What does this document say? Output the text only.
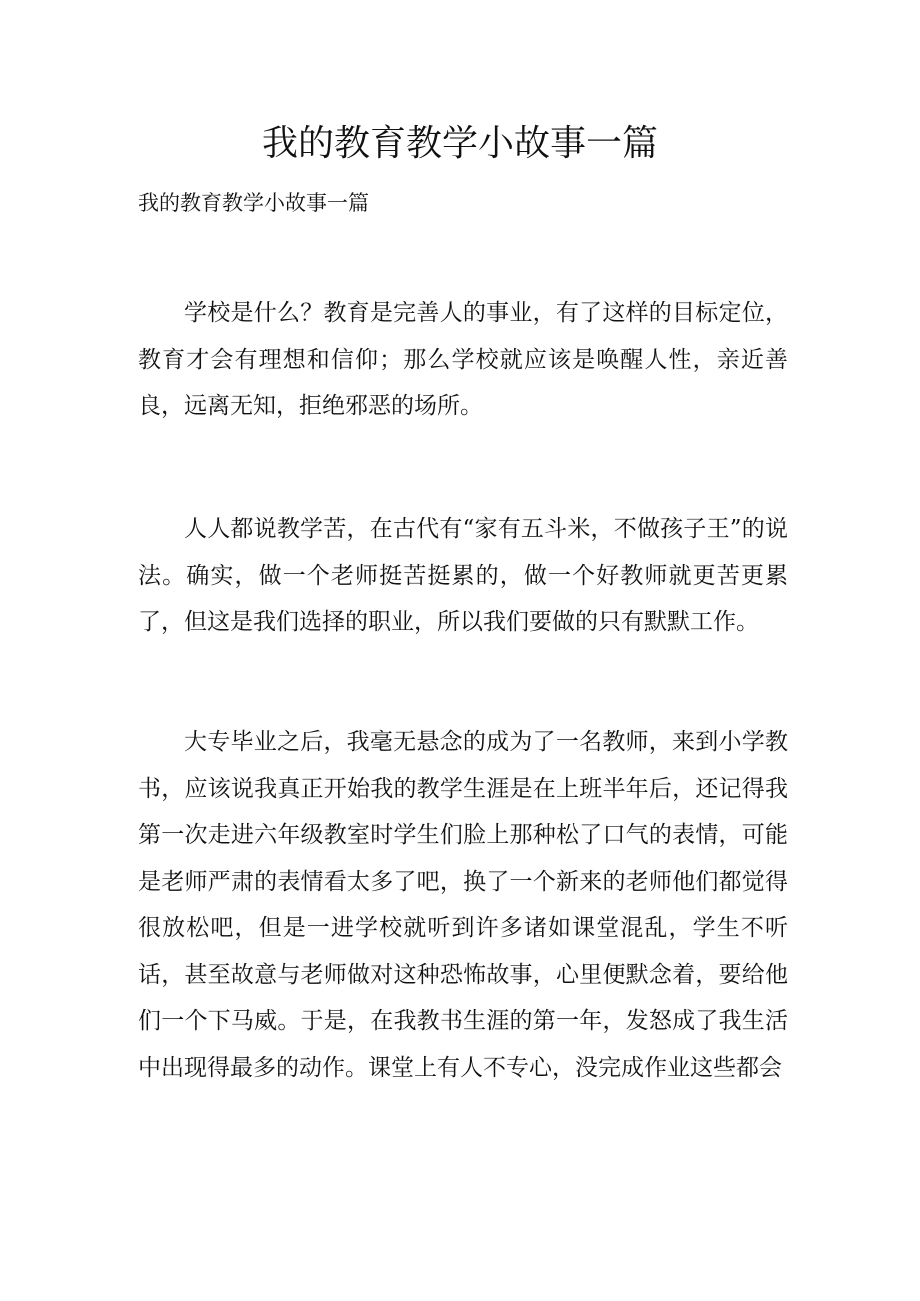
我的教育教学小故事一篇

我的教育教学小故事一篇

学校是什么？教育是完善人的事业，有了这样的目标定位，教育才会有理想和信仰；那么学校就应该是唤醒人性，亲近善良，远离无知，拒绝邪恶的场所。

人人都说教学苦，在古代有“家有五斗米，不做孩子王”的说法。确实，做一个老师挺苦挺累的，做一个好教师就更苦更累了，但这是我们选择的职业，所以我们要做的只有默默工作。

大专毕业之后，我毫无悬念的成为了一名教师，来到小学教书，应该说我真正开始我的教学生涯是在上班半年后，还记得我第一次走进六年级教室时学生们脸上那种松了口气的表情，可能是老师严肃的表情看太多了吧，换了一个新来的老师他们都觉得很放松吧，但是一进学校就听到许多诸如课堂混乱，学生不听话，甚至故意与老师做对这种恐怖故事，心里便默念着，要给他们一个下马威。于是，在我教书生涯的第一年，发怒成了我生活中出现得最多的动作。课堂上有人不专心，没完成作业这些都会
